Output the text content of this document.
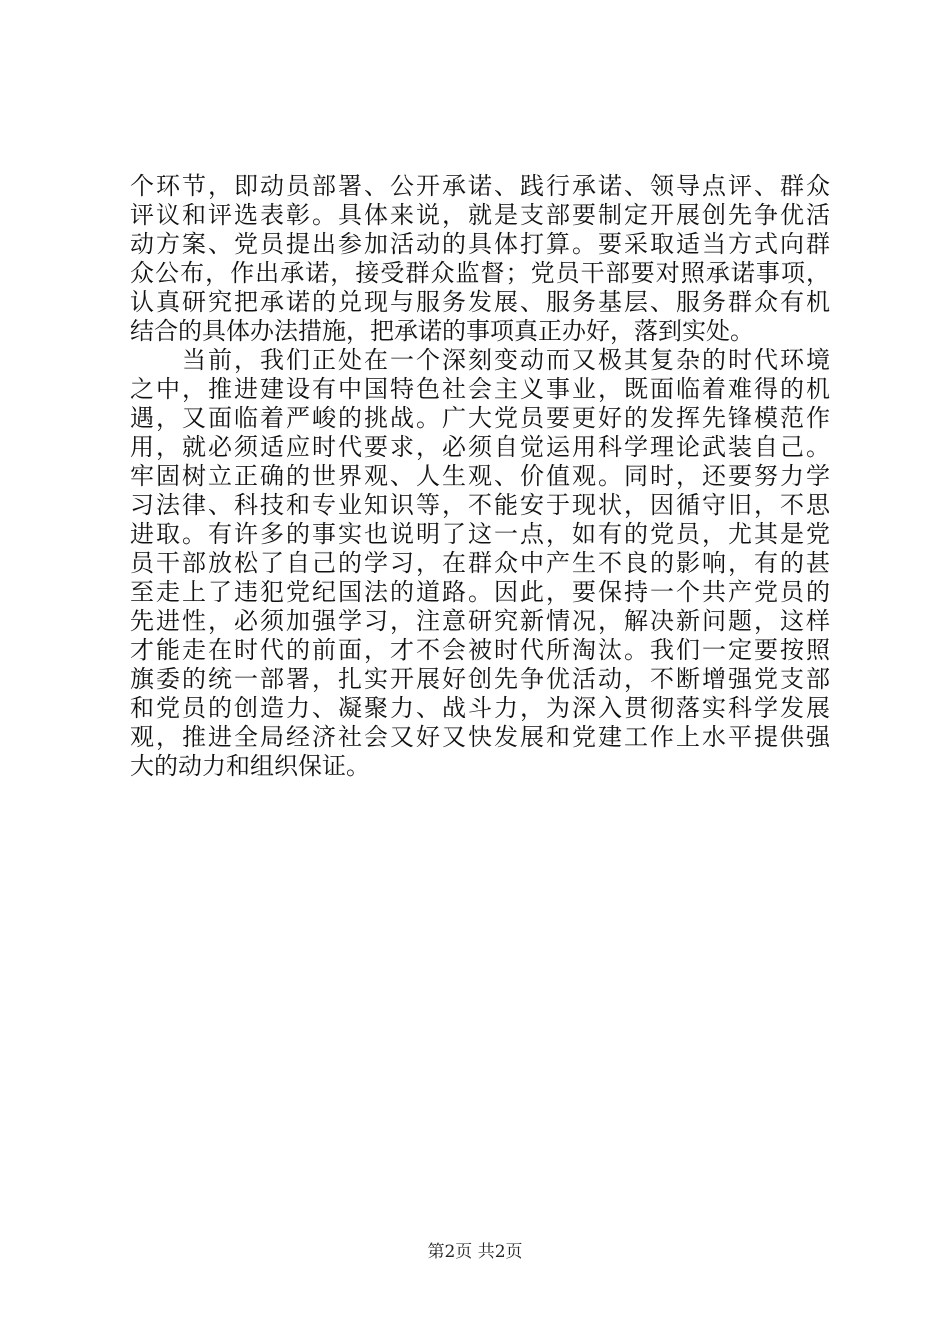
个环节，即动员部署、公开承诺、践行承诺、领导点评、群众
评议和评选表彰。具体来说，就是支部要制定开展创先争优活
动方案、党员提出参加活动的具体打算。要采取适当方式向群
众公布，作出承诺，接受群众监督；党员干部要对照承诺事项，
认真研究把承诺的兑现与服务发展、服务基层、服务群众有机
结合的具体办法措施，把承诺的事项真正办好，落到实处。
　　当前，我们正处在一个深刻变动而又极其复杂的时代环境
之中，推进建设有中国特色社会主义事业，既面临着难得的机
遇，又面临着严峻的挑战。广大党员要更好的发挥先锋模范作
用，就必须适应时代要求，必须自觉运用科学理论武装自己。
牢固树立正确的世界观、人生观、价值观。同时，还要努力学
习法律、科技和专业知识等，不能安于现状，因循守旧，不思
进取。有许多的事实也说明了这一点，如有的党员，尤其是党
员干部放松了自己的学习，在群众中产生不良的影响，有的甚
至走上了违犯党纪国法的道路。因此，要保持一个共产党员的
先进性，必须加强学习，注意研究新情况，解决新问题，这样
才能走在时代的前面，才不会被时代所淘汰。我们一定要按照
旗委的统一部署，扎实开展好创先争优活动，不断增强党支部
和党员的创造力、凝聚力、战斗力，为深入贯彻落实科学发展
观，推进全局经济社会又好又快发展和党建工作上水平提供强
大的动力和组织保证。
第2页 共2页
